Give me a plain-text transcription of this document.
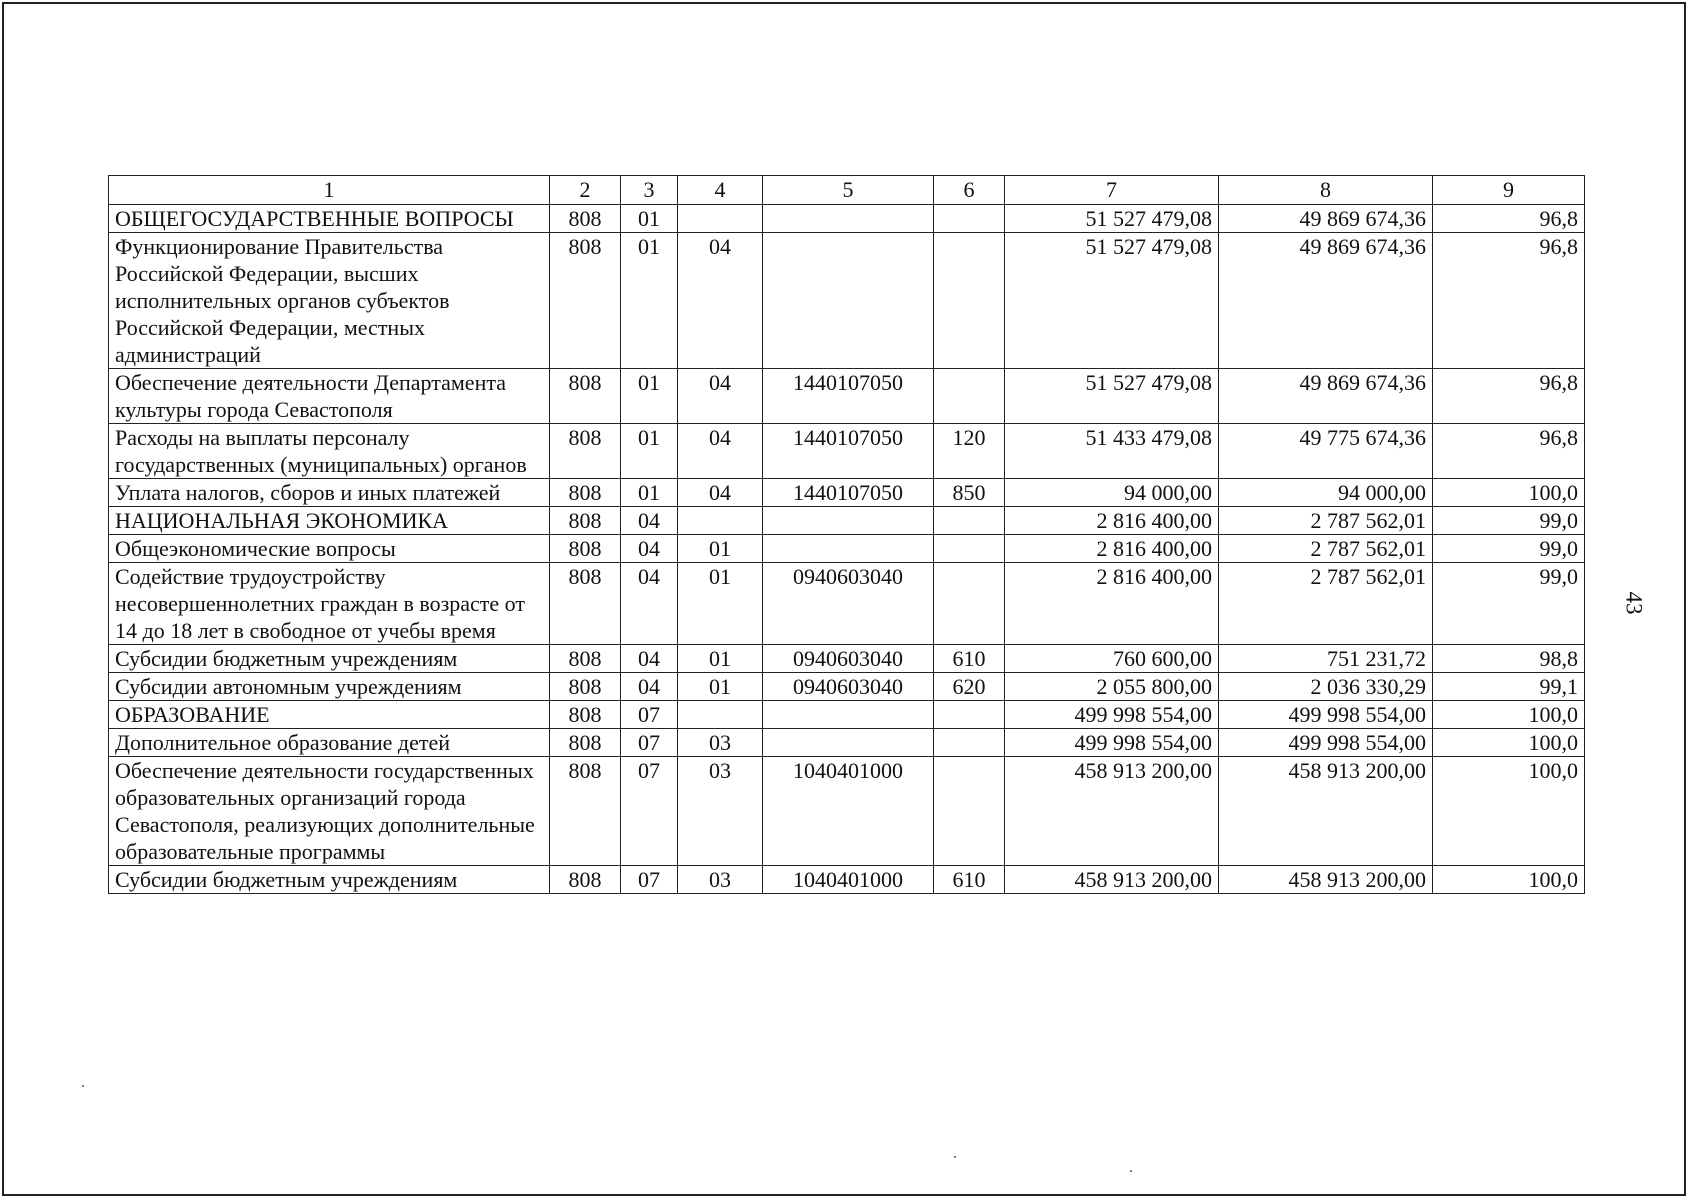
1	2	3	4	5	6	7	8	9
ОБЩЕГОСУДАРСТВЕННЫЕ ВОПРОСЫ	808	01				51 527 479,08	49 869 674,36	96,8
Функционирование Правительства Российской Федерации, высших исполнительных органов субъектов Российской Федерации, местных администраций	808	01	04			51 527 479,08	49 869 674,36	96,8
Обеспечение деятельности Департамента культуры города Севастополя	808	01	04	1440107050		51 527 479,08	49 869 674,36	96,8
Расходы на выплаты персоналу государственных (муниципальных) органов	808	01	04	1440107050	120	51 433 479,08	49 775 674,36	96,8
Уплата налогов, сборов и иных платежей	808	01	04	1440107050	850	94 000,00	94 000,00	100,0
НАЦИОНАЛЬНАЯ ЭКОНОМИКА	808	04				2 816 400,00	2 787 562,01	99,0
Общеэкономические вопросы	808	04	01			2 816 400,00	2 787 562,01	99,0
Содействие трудоустройству несовершеннолетних граждан в возрасте от 14 до 18 лет в свободное от учебы время	808	04	01	0940603040		2 816 400,00	2 787 562,01	99,0
Субсидии бюджетным учреждениям	808	04	01	0940603040	610	760 600,00	751 231,72	98,8
Субсидии автономным учреждениям	808	04	01	0940603040	620	2 055 800,00	2 036 330,29	99,1
ОБРАЗОВАНИЕ	808	07				499 998 554,00	499 998 554,00	100,0
Дополнительное образование детей	808	07	03			499 998 554,00	499 998 554,00	100,0
Обеспечение деятельности государственных образовательных организаций города Севастополя, реализующих дополнительные образовательные программы	808	07	03	1040401000		458 913 200,00	458 913 200,00	100,0
Субсидии бюджетным учреждениям	808	07	03	1040401000	610	458 913 200,00	458 913 200,00	100,0
43
